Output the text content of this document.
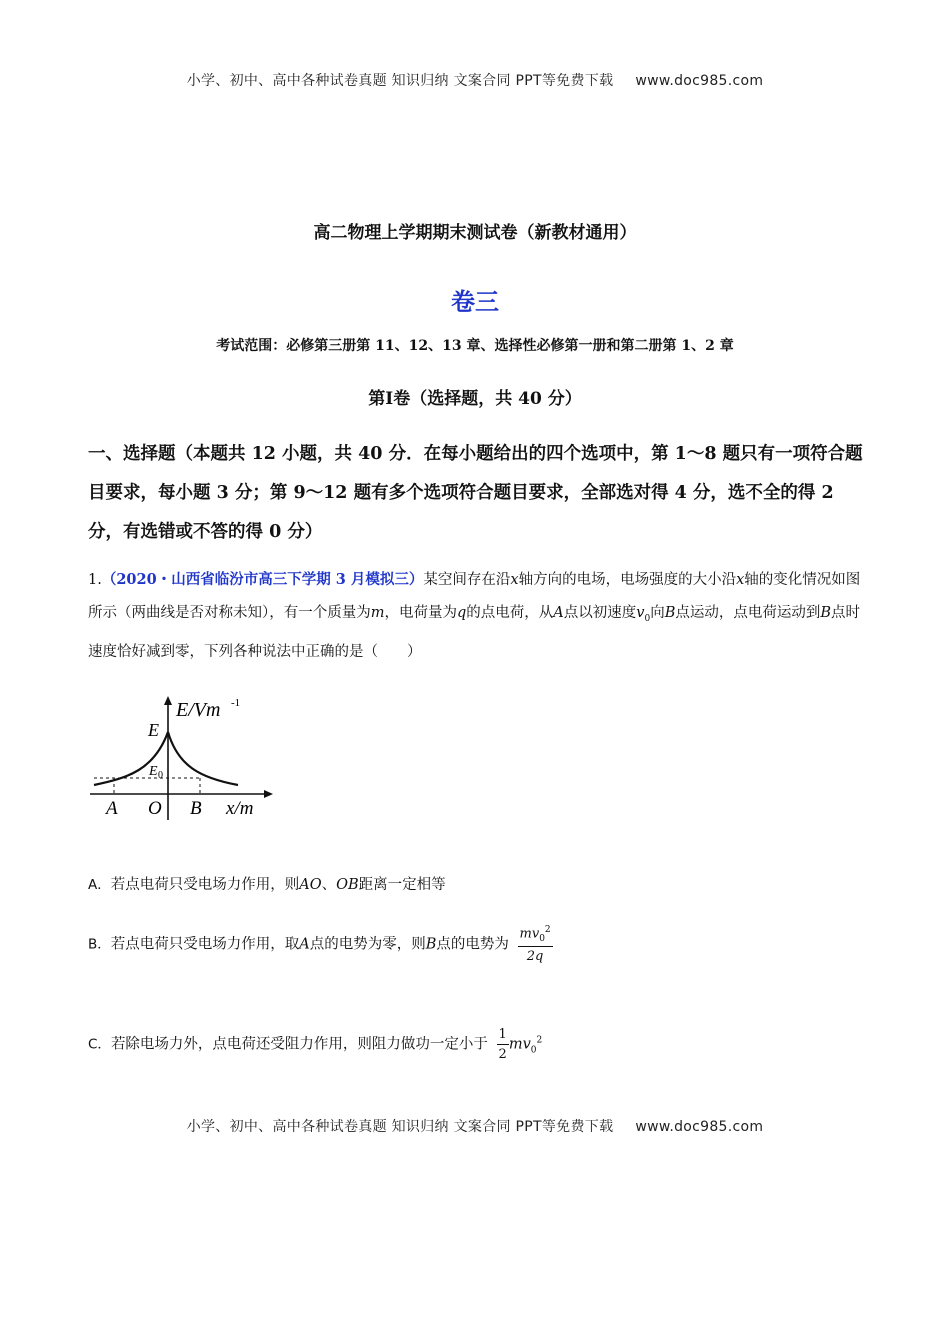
小学、初中、高中各种试卷真题 知识归纳 文案合同 PPT等免费下载 www.doc985.com
高二物理上学期期末测试卷（新教材通用）
卷三
考试范围：必修第三册第 11、12、13 章、选择性必修第一册和第二册第 1、2 章
第Ⅰ卷（选择题，共 40 分）
一、选择题（本题共 12 小题，共 40 分．在每小题给出的四个选项中，第 1～8 题只有一项符合题目要求，每小题 3 分；第 9～12 题有多个选项符合题目要求，全部选对得 4 分，选不全的得 2 分，有选错或不答的得 0 分）
1.（2020・山西省临汾市高三下学期 3 月模拟三）某空间存在沿x轴方向的电场，电场强度的大小沿x轴的变化情况如图所示（两曲线是否对称未知），有一个质量为m，电荷量为q的点电荷，从A点以初速度$v_0$向B点运动，点电荷运动到B点时速度恰好减到零，下列各种说法中正确的是（　　）
E/Vm -1
E
E 0
A O B x/m
A．若点电荷只受电场力作用，则AO、OB距离一定相等
B．若点电荷只受电场力作用，取A点的电势为零，则B点的电势为 $\frac{mv_0^2}{2q}$
C．若除电场力外，点电荷还受阻力作用，则阻力做功一定小于 $\frac{1}{2} mv_0^2$
小学、初中、高中各种试卷真题 知识归纳 文案合同 PPT等免费下载 www.doc985.com
